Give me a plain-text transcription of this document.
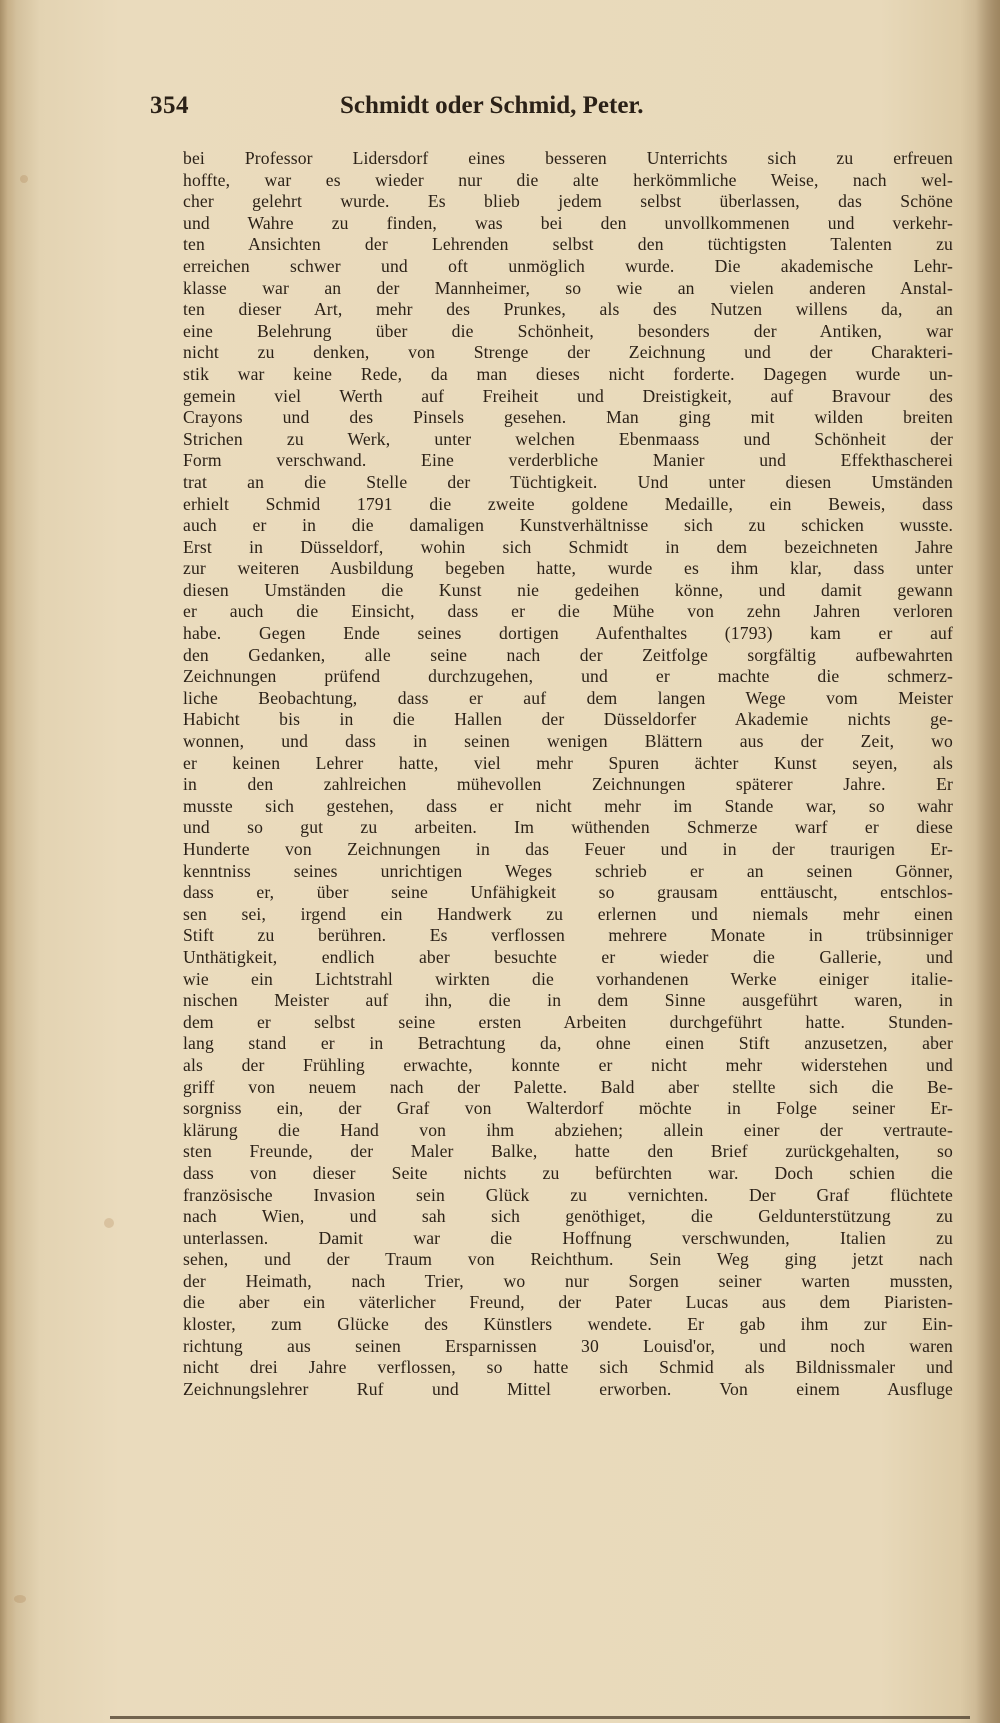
354	Schmidt oder Schmid, Peter.
bei Professor Lidersdorf eines besseren Unterrichts sich zu erfreuen
hoffte, war es wieder nur die alte herkömmliche Weise, nach wel-
cher gelehrt wurde. Es blieb jedem selbst überlassen, das Schöne
und Wahre zu finden, was bei den unvollkommenen und verkehr-
ten Ansichten der Lehrenden selbst den tüchtigsten Talenten zu
erreichen schwer und oft unmöglich wurde. Die akademische Lehr-
klasse war an der Mannheimer, so wie an vielen anderen Anstal-
ten dieser Art, mehr des Prunkes, als des Nutzen willens da, an
eine Belehrung über die Schönheit, besonders der Antiken, war
nicht zu denken, von Strenge der Zeichnung und der Charakteri-
stik war keine Rede, da man dieses nicht forderte. Dagegen wurde un-
gemein viel Werth auf Freiheit und Dreistigkeit, auf Bravour des
Crayons und des Pinsels gesehen. Man ging mit wilden breiten
Strichen zu Werk, unter welchen Ebenmaass und Schönheit der
Form verschwand. Eine verderbliche Manier und Effekthascherei
trat an die Stelle der Tüchtigkeit. Und unter diesen Umständen
erhielt Schmid 1791 die zweite goldene Medaille, ein Beweis, dass
auch er in die damaligen Kunstverhältnisse sich zu schicken wusste.
Erst in Düsseldorf, wohin sich Schmidt in dem bezeichneten Jahre
zur weiteren Ausbildung begeben hatte, wurde es ihm klar, dass unter
diesen Umständen die Kunst nie gedeihen könne, und damit gewann
er auch die Einsicht, dass er die Mühe von zehn Jahren verloren
habe. Gegen Ende seines dortigen Aufenthaltes (1793) kam er auf
den Gedanken, alle seine nach der Zeitfolge sorgfältig aufbewahrten
Zeichnungen prüfend durchzugehen, und er machte die schmerz-
liche Beobachtung, dass er auf dem langen Wege vom Meister
Habicht bis in die Hallen der Düsseldorfer Akademie nichts ge-
wonnen, und dass in seinen wenigen Blättern aus der Zeit, wo
er keinen Lehrer hatte, viel mehr Spuren ächter Kunst seyen, als
in den zahlreichen mühevollen Zeichnungen späterer Jahre. Er
musste sich gestehen, dass er nicht mehr im Stande war, so wahr
und so gut zu arbeiten. Im wüthenden Schmerze warf er diese
Hunderte von Zeichnungen in das Feuer und in der traurigen Er-
kenntniss seines unrichtigen Weges schrieb er an seinen Gönner,
dass er, über seine Unfähigkeit so grausam enttäuscht, entschlos-
sen sei, irgend ein Handwerk zu erlernen und niemals mehr einen
Stift zu berühren. Es verflossen mehrere Monate in trübsinniger
Unthätigkeit, endlich aber besuchte er wieder die Gallerie, und
wie ein Lichtstrahl wirkten die vorhandenen Werke einiger italie-
nischen Meister auf ihn, die in dem Sinne ausgeführt waren, in
dem er selbst seine ersten Arbeiten durchgeführt hatte. Stunden-
lang stand er in Betrachtung da, ohne einen Stift anzusetzen, aber
als der Frühling erwachte, konnte er nicht mehr widerstehen und
griff von neuem nach der Palette. Bald aber stellte sich die Be-
sorgniss ein, der Graf von Walterdorf möchte in Folge seiner Er-
klärung die Hand von ihm abziehen; allein einer der vertraute-
sten Freunde, der Maler Balke, hatte den Brief zurückgehalten, so
dass von dieser Seite nichts zu befürchten war. Doch schien die
französische Invasion sein Glück zu vernichten. Der Graf flüchtete
nach Wien, und sah sich genöthiget, die Geldunterstützung zu
unterlassen. Damit war die Hoffnung verschwunden, Italien zu
sehen, und der Traum von Reichthum. Sein Weg ging jetzt nach
der Heimath, nach Trier, wo nur Sorgen seiner warten mussten,
die aber ein väterlicher Freund, der Pater Lucas aus dem Piaristen-
kloster, zum Glücke des Künstlers wendete. Er gab ihm zur Ein-
richtung aus seinen Ersparnissen 30 Louisd'or, und noch waren
nicht drei Jahre verflossen, so hatte sich Schmid als Bildnissmaler und
Zeichnungslehrer Ruf und Mittel erworben. Von einem Ausfluge
